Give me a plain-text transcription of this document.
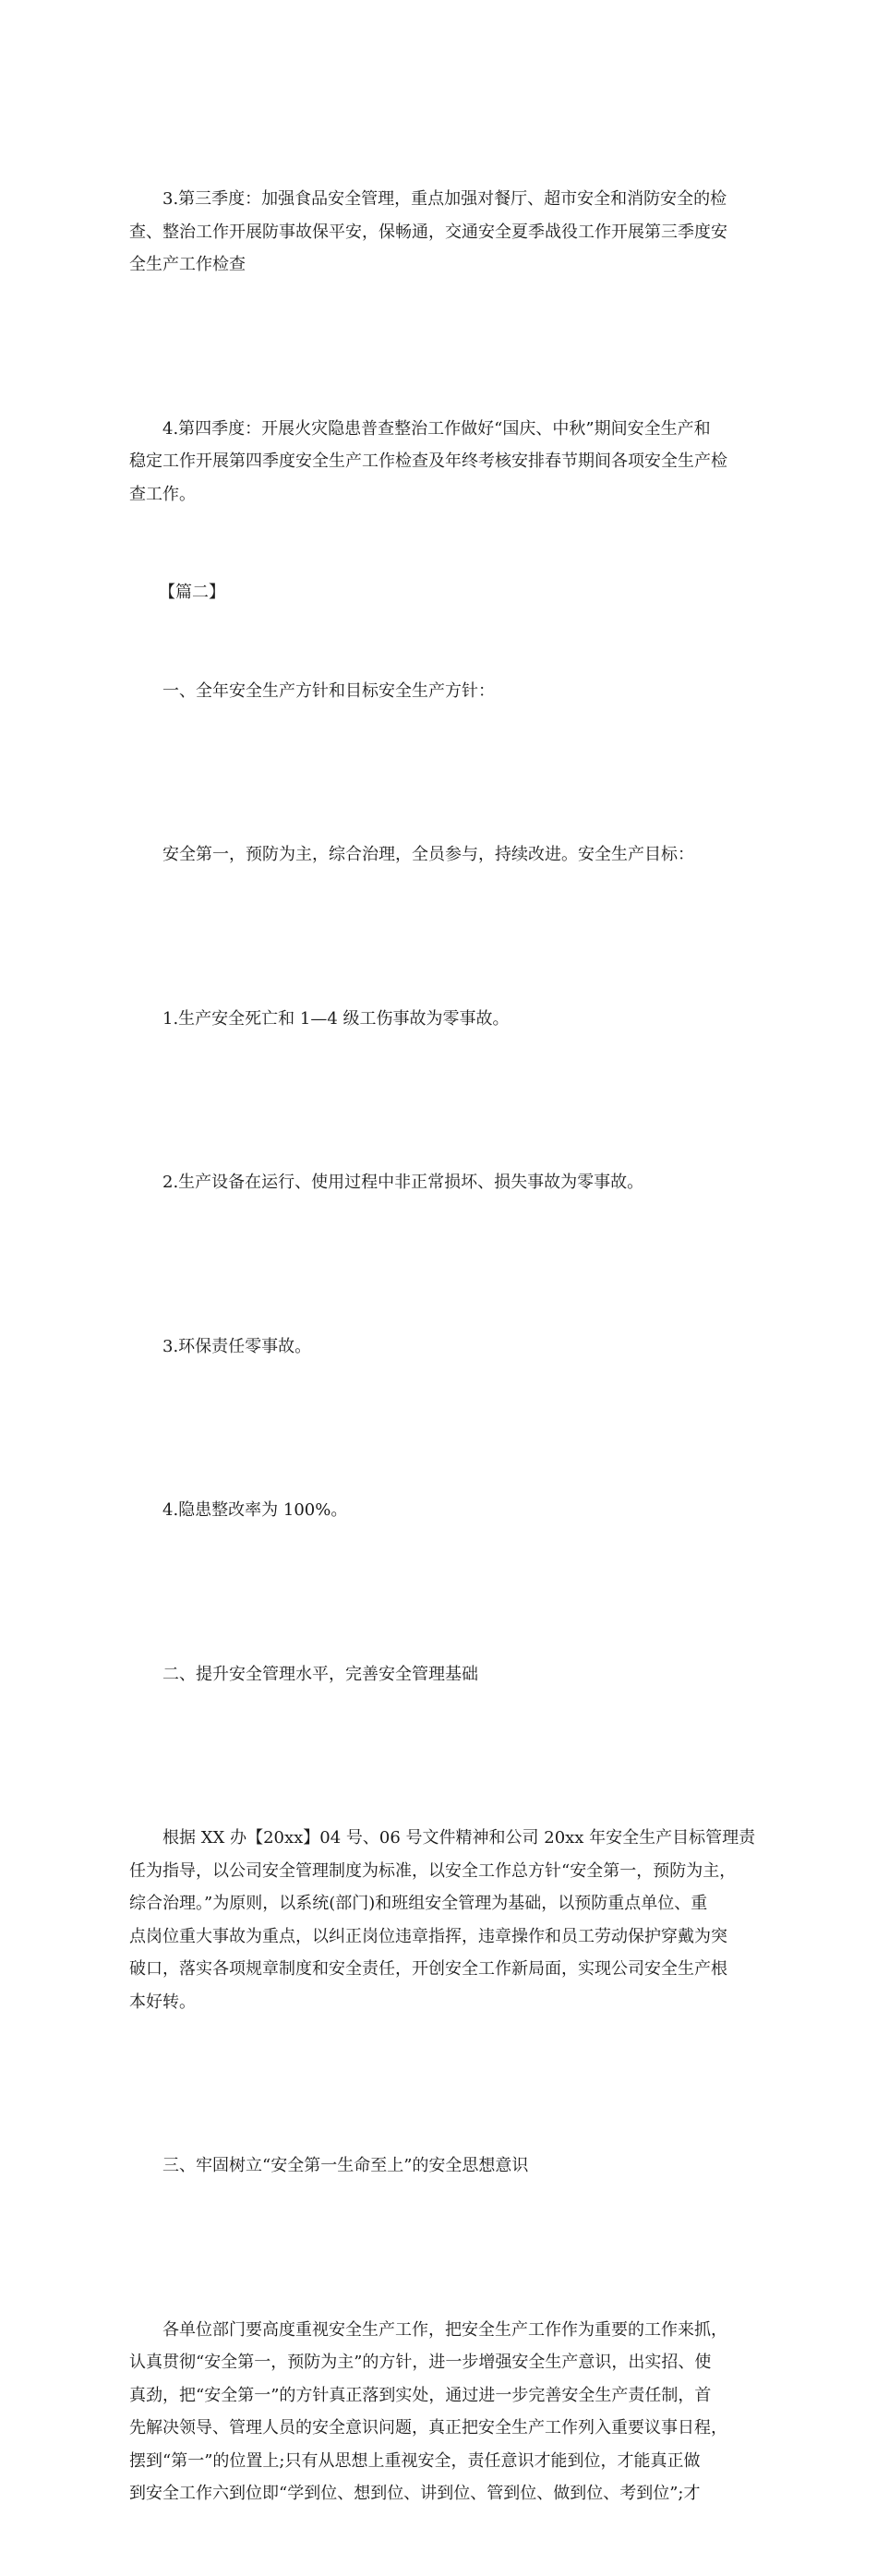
3.第三季度：加强食品安全管理，重点加强对餐厅、超市安全和消防安全的检
查、整治工作开展防事故保平安，保畅通，交通安全夏季战役工作开展第三季度安
全生产工作检查

4.第四季度：开展火灾隐患普查整治工作做好“国庆、中秋”期间安全生产和
稳定工作开展第四季度安全生产工作检查及年终考核安排春节期间各项安全生产检
查工作。

【篇二】

一、全年安全生产方针和目标安全生产方针：

安全第一，预防为主，综合治理，全员参与，持续改进。安全生产目标：

1.生产安全死亡和 1—4 级工伤事故为零事故。

2.生产设备在运行、使用过程中非正常损坏、损失事故为零事故。

3.环保责任零事故。

4.隐患整改率为 100%。

二、提升安全管理水平，完善安全管理基础

根据 XX 办【20xx】04 号、06 号文件精神和公司 20xx 年安全生产目标管理责
任为指导，以公司安全管理制度为标准，以安全工作总方针“安全第一，预防为主，
综合治理。”为原则，以系统(部门)和班组安全管理为基础，以预防重点单位、重
点岗位重大事故为重点，以纠正岗位违章指挥，违章操作和员工劳动保护穿戴为突
破口，落实各项规章制度和安全责任，开创安全工作新局面，实现公司安全生产根
本好转。

三、牢固树立“安全第一生命至上”的安全思想意识

各单位部门要高度重视安全生产工作，把安全生产工作作为重要的工作来抓，
认真贯彻“安全第一，预防为主”的方针，进一步增强安全生产意识，出实招、使
真劲，把“安全第一”的方针真正落到实处，通过进一步完善安全生产责任制，首
先解决领导、管理人员的安全意识问题，真正把安全生产工作列入重要议事日程，
摆到“第一”的位置上;只有从思想上重视安全，责任意识才能到位，才能真正做
到安全工作六到位即“学到位、想到位、讲到位、管到位、做到位、考到位”;才
